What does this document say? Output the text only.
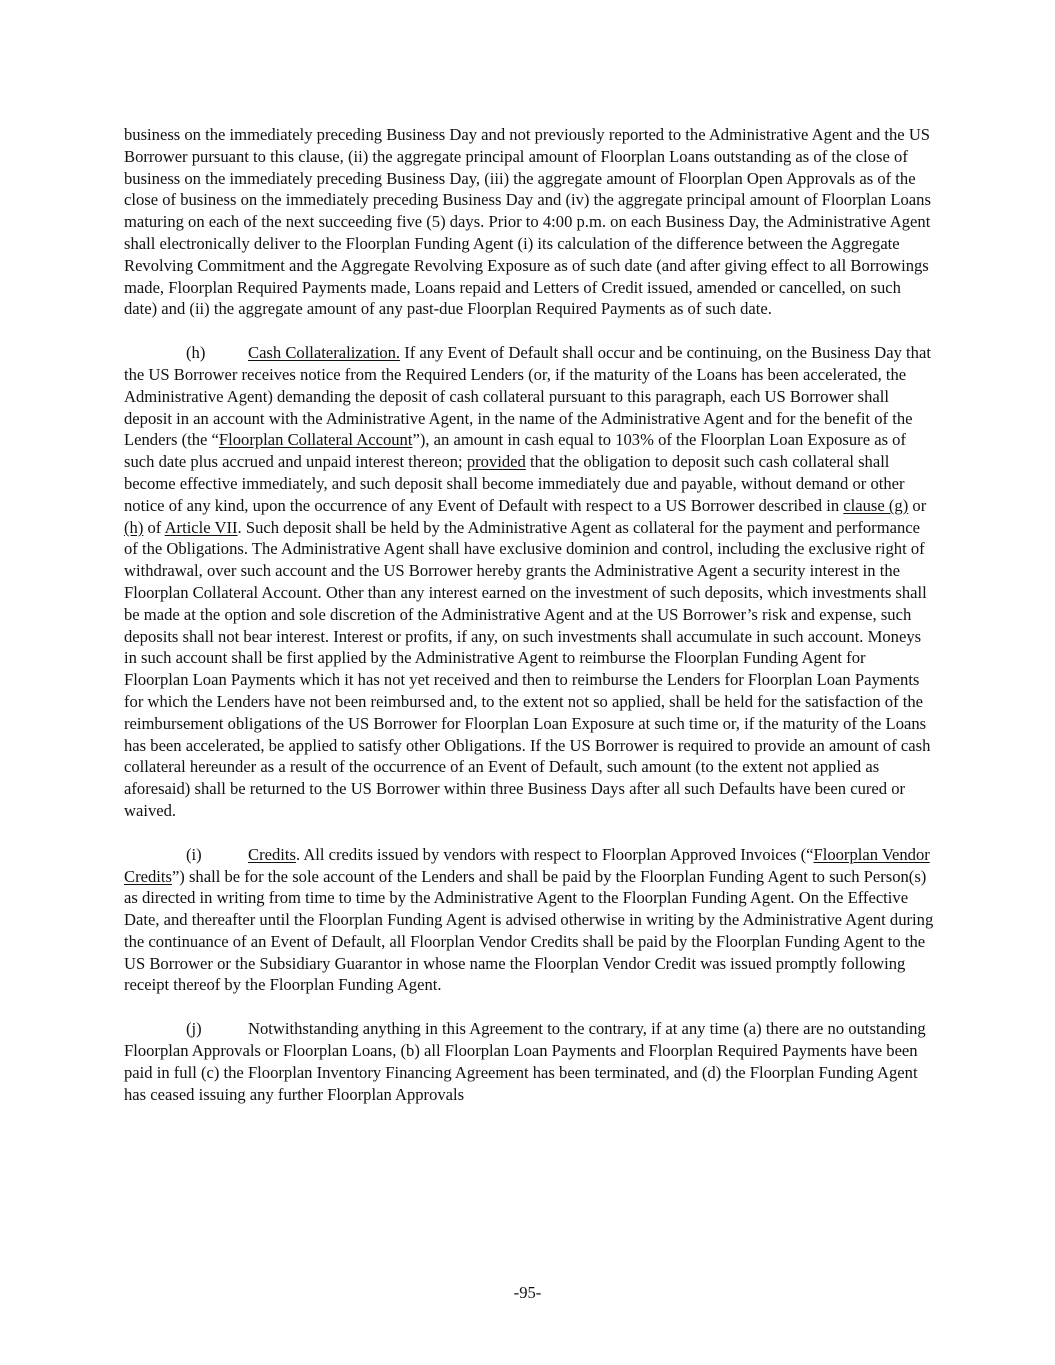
business on the immediately preceding Business Day and not previously reported to the Administrative Agent and the US Borrower pursuant to this clause, (ii) the aggregate principal amount of Floorplan Loans outstanding as of the close of business on the immediately preceding Business Day, (iii) the aggregate amount of Floorplan Open Approvals as of the close of business on the immediately preceding Business Day and (iv) the aggregate principal amount of Floorplan Loans maturing on each of the next succeeding five (5) days. Prior to 4:00 p.m. on each Business Day, the Administrative Agent shall electronically deliver to the Floorplan Funding Agent (i) its calculation of the difference between the Aggregate Revolving Commitment and the Aggregate Revolving Exposure as of such date (and after giving effect to all Borrowings made, Floorplan Required Payments made, Loans repaid and Letters of Credit issued, amended or cancelled, on such date) and (ii) the aggregate amount of any past-due Floorplan Required Payments as of such date.

(h)	Cash Collateralization. If any Event of Default shall occur and be continuing, on the Business Day that the US Borrower receives notice from the Required Lenders (or, if the maturity of the Loans has been accelerated, the Administrative Agent) demanding the deposit of cash collateral pursuant to this paragraph, each US Borrower shall deposit in an account with the Administrative Agent, in the name of the Administrative Agent and for the benefit of the Lenders (the “Floorplan Collateral Account”), an amount in cash equal to 103% of the Floorplan Loan Exposure as of such date plus accrued and unpaid interest thereon; provided that the obligation to deposit such cash collateral shall become effective immediately, and such deposit shall become immediately due and payable, without demand or other notice of any kind, upon the occurrence of any Event of Default with respect to a US Borrower described in clause (g) or (h) of Article VII. Such deposit shall be held by the Administrative Agent as collateral for the payment and performance of the Obligations. The Administrative Agent shall have exclusive dominion and control, including the exclusive right of withdrawal, over such account and the US Borrower hereby grants the Administrative Agent a security interest in the Floorplan Collateral Account. Other than any interest earned on the investment of such deposits, which investments shall be made at the option and sole discretion of the Administrative Agent and at the US Borrower’s risk and expense, such deposits shall not bear interest. Interest or profits, if any, on such investments shall accumulate in such account. Moneys in such account shall be first applied by the Administrative Agent to reimburse the Floorplan Funding Agent for Floorplan Loan Payments which it has not yet received and then to reimburse the Lenders for Floorplan Loan Payments for which the Lenders have not been reimbursed and, to the extent not so applied, shall be held for the satisfaction of the reimbursement obligations of the US Borrower for Floorplan Loan Exposure at such time or, if the maturity of the Loans has been accelerated, be applied to satisfy other Obligations. If the US Borrower is required to provide an amount of cash collateral hereunder as a result of the occurrence of an Event of Default, such amount (to the extent not applied as aforesaid) shall be returned to the US Borrower within three Business Days after all such Defaults have been cured or waived.

(i)	Credits. All credits issued by vendors with respect to Floorplan Approved Invoices (“Floorplan Vendor Credits”) shall be for the sole account of the Lenders and shall be paid by the Floorplan Funding Agent to such Person(s) as directed in writing from time to time by the Administrative Agent to the Floorplan Funding Agent. On the Effective Date, and thereafter until the Floorplan Funding Agent is advised otherwise in writing by the Administrative Agent during the continuance of an Event of Default, all Floorplan Vendor Credits shall be paid by the Floorplan Funding Agent to the US Borrower or the Subsidiary Guarantor in whose name the Floorplan Vendor Credit was issued promptly following receipt thereof by the Floorplan Funding Agent.

(j)	Notwithstanding anything in this Agreement to the contrary, if at any time (a) there are no outstanding Floorplan Approvals or Floorplan Loans, (b) all Floorplan Loan Payments and Floorplan Required Payments have been paid in full (c) the Floorplan Inventory Financing Agreement has been terminated, and (d) the Floorplan Funding Agent has ceased issuing any further Floorplan Approvals

-95-
